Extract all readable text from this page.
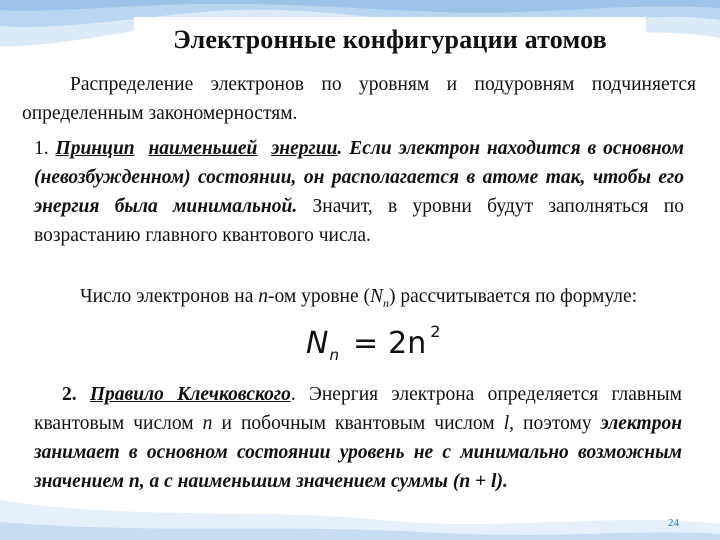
Электронные конфигурации атомов
Распределение электронов по уровням и подуровням подчиняется определенным закономерностям.
1. Принцип наименьшей энергии. Если электрон находится в основном (невозбужденном) состоянии, он располагается в атоме так, чтобы его энергия была минимальной. Значит, в уровни будут заполняться по возрастанию главного квантового числа.
Число электронов на n-ом уровне $(N_n)$ рассчитывается по формуле:
$N_n = 2n$ $^2$
2. Правило Клечковского. Энергия электрона определяется главным квантовым числом n и побочным квантовым числом l, поэтому электрон занимает в основном состоянии уровень не с минимально возможным значением n, а с наименьшим значением суммы (n + l).
24
